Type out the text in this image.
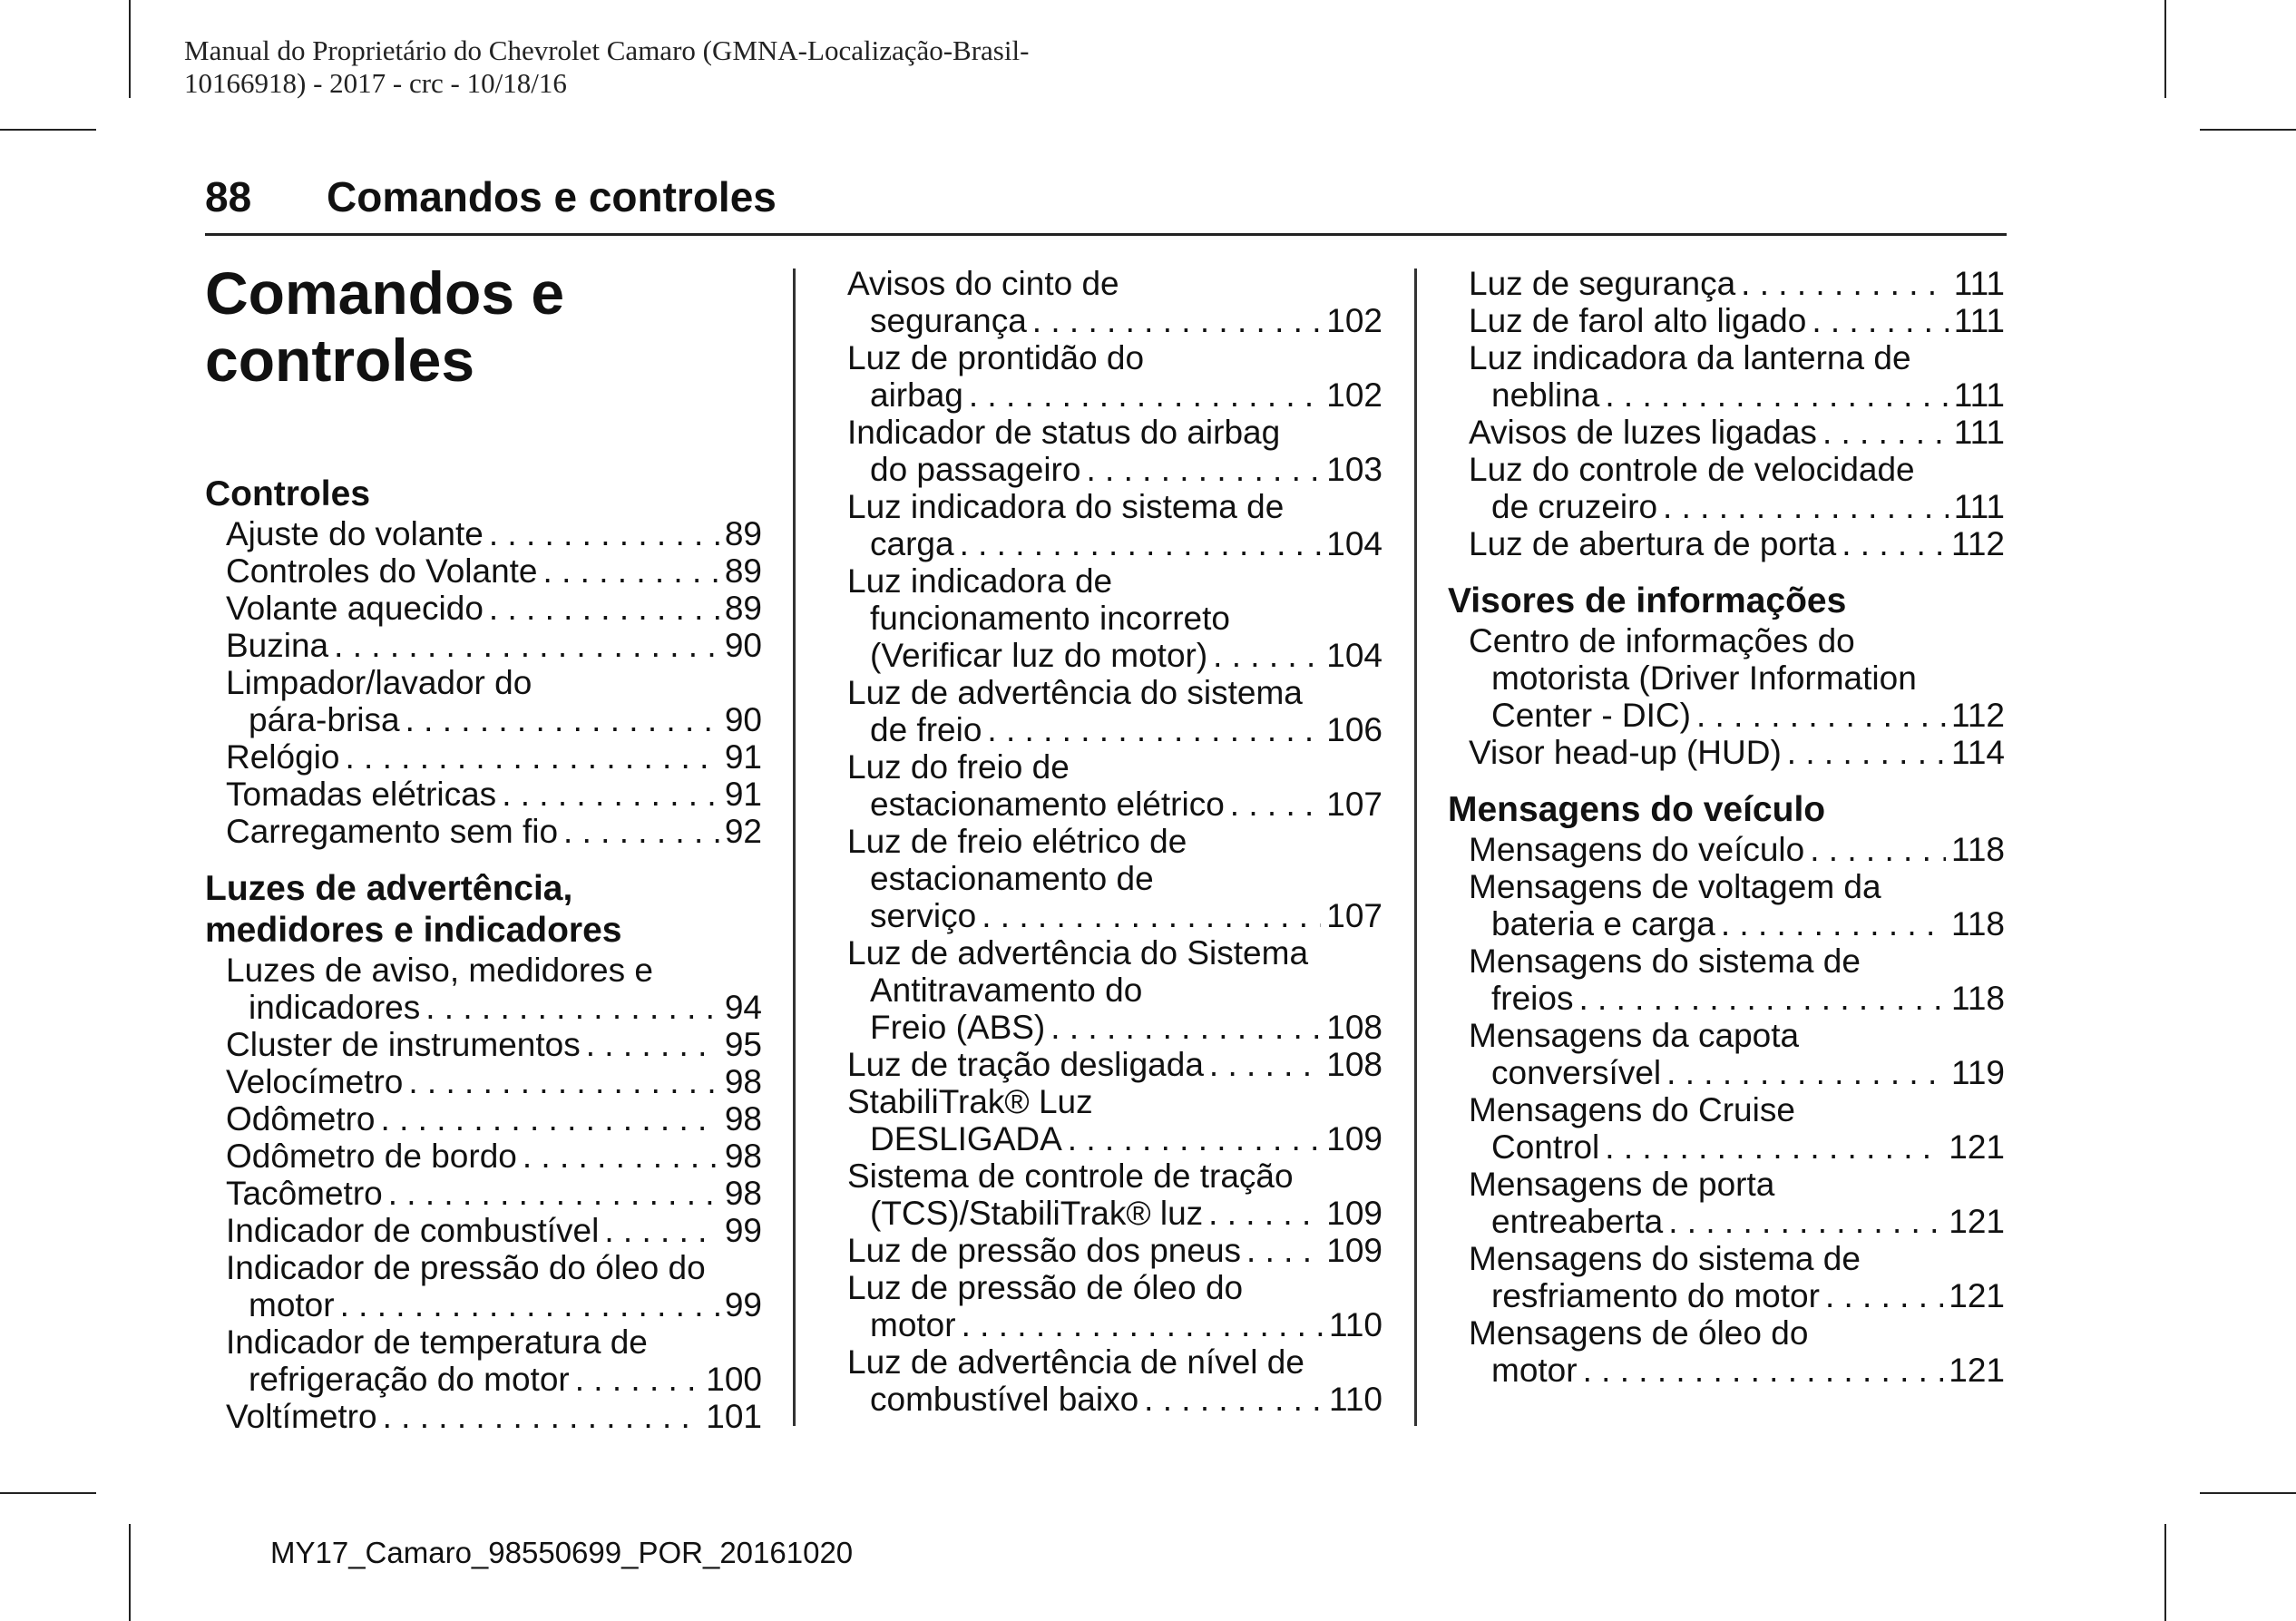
Manual do Proprietário do Chevrolet Camaro (GMNA-Localização-Brasil-
10166918) - 2017 - crc - 10/18/16
88 Comandos e controles
Comandos e
controles
Controles
Ajuste do volante . . .	89
Controles do Volante . . .	89
Volante aquecido . . .	89
Buzina . . .	90
Limpador/lavador do
pára-brisa . . .	90
Relógio . . .	91
Tomadas elétricas . . .	91
Carregamento sem fio . . .	92
Luzes de advertência,
medidores e indicadores
Luzes de aviso, medidores e
indicadores . . .	94
Cluster de instrumentos . . .	95
Velocímetro . . .	98
Odômetro . . .	98
Odômetro de bordo . . .	98
Tacômetro . . .	98
Indicador de combustível . . .	99
Indicador de pressão do óleo do
motor . . .	99
Indicador de temperatura de
refrigeração do motor . . .	100
Voltímetro . . .	101
Avisos do cinto de
segurança . . .	102
Luz de prontidão do
airbag . . .	102
Indicador de status do airbag
do passageiro . . .	103
Luz indicadora do sistema de
carga . . .	104
Luz indicadora de
funcionamento incorreto
(Verificar luz do motor) . . .	104
Luz de advertência do sistema
de freio . . .	106
Luz do freio de
estacionamento elétrico . . .	107
Luz de freio elétrico de
estacionamento de
serviço . . .	107
Luz de advertência do Sistema
Antitravamento do
Freio (ABS) . . .	108
Luz de tração desligada . . .	108
StabiliTrak® Luz
DESLIGADA . . .	109
Sistema de controle de tração
(TCS)/StabiliTrak® luz . . .	109
Luz de pressão dos pneus . . .	109
Luz de pressão de óleo do
motor . . .	110
Luz de advertência de nível de
combustível baixo . . .	110
Luz de segurança . . .	111
Luz de farol alto ligado . . .	111
Luz indicadora da lanterna de
neblina . . .	111
Avisos de luzes ligadas . . .	111
Luz do controle de velocidade
de cruzeiro . . .	111
Luz de abertura de porta . . .	112
Visores de informações
Centro de informações do
motorista (Driver Information
Center - DIC) . . .	112
Visor head-up (HUD) . . .	114
Mensagens do veículo
Mensagens do veículo . . .	118
Mensagens de voltagem da
bateria e carga . . .	118
Mensagens do sistema de
freios . . .	118
Mensagens da capota
conversível . . .	119
Mensagens do Cruise
Control . . .	121
Mensagens de porta
entreaberta . . .	121
Mensagens do sistema de
resfriamento do motor . . .	121
Mensagens de óleo do
motor . . .	121
MY17_Camaro_98550699_POR_20161020
